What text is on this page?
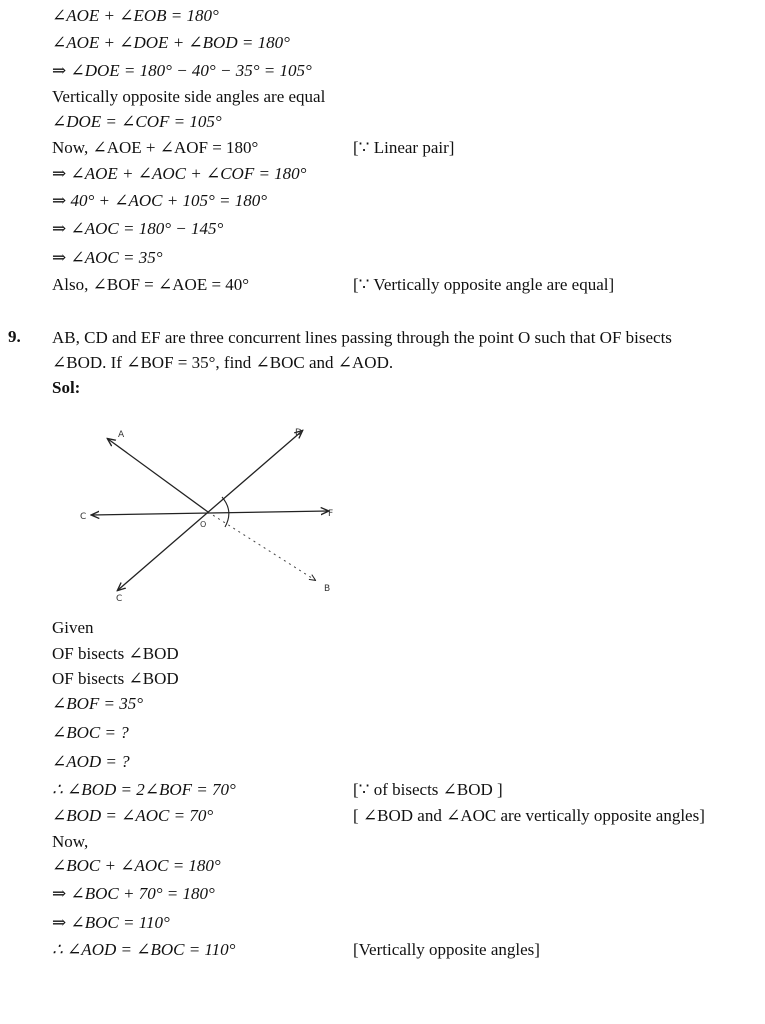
∠AOE + ∠EOB = 180°
∠AOE + ∠DOE + ∠BOD = 180°
⇒ ∠DOE = 180° − 40° − 35° = 105°
Vertically opposite side angles are equal
∠DOE = ∠COF = 105°
Now, ∠AOE + ∠AOF = 180°	[∵ Linear pair]
⇒ ∠AOE + ∠AOC + ∠COF = 180°
⇒ 40° + ∠AOC + 105° = 180°
⇒ ∠AOC = 180° − 145°
⇒ ∠AOC = 35°
Also, ∠BOF = ∠AOE = 40°	[∵ Vertically opposite angle are equal]
9. AB, CD and EF are three concurrent lines passing through the point O such that OF bisects
∠BOD. If ∠BOF = 35°, find ∠BOC and ∠AOD.
Sol:
A	D
C
O
F
C
B
Given
OF bisects ∠BOD
OF bisects ∠BOD
∠BOF = 35°
∠BOC = ?
∠AOD = ?
∴ ∠BOD = 2∠BOF = 70°	[∵ of bisects ∠BOD ]
∠BOD = ∠AOC = 70°	[ ∠BOD and ∠AOC are vertically opposite angles]
Now,
∠BOC + ∠AOC = 180°
⇒ ∠BOC + 70° = 180°
⇒ ∠BOC = 110°
∴ ∠AOD = ∠BOC = 110°	[Vertically opposite angles]
